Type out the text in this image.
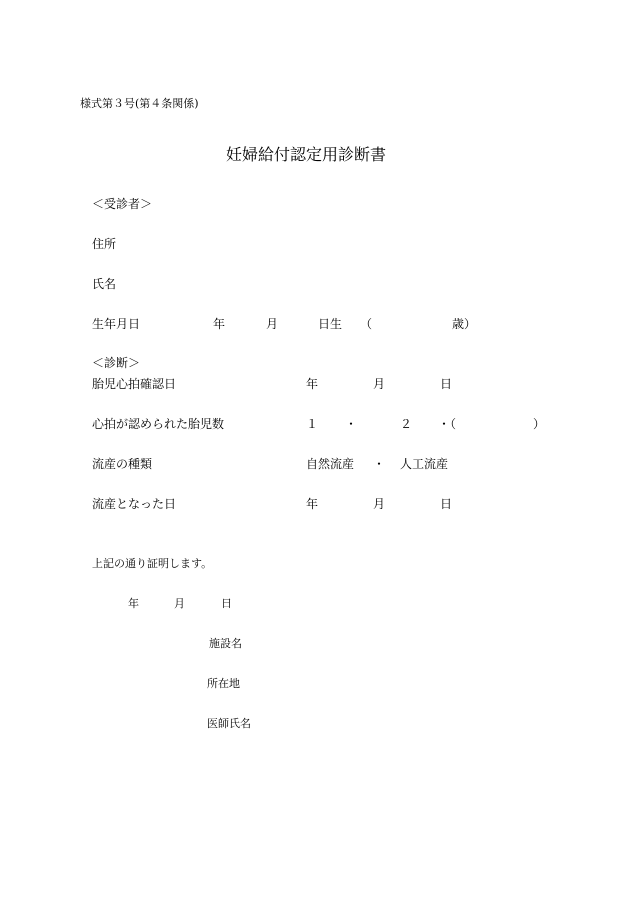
様式第３号(第４条関係)
妊婦給付認定用診断書
＜受診者＞
住所
氏名
生年月日	年	月	日生 （	歳）
＜診断＞
胎児心拍確認日	年	月	日
心拍が認められた胎児数	１ ・	２ ・（	）
流産の種類	自然流産 ・ 人工流産
流産となった日	年	月	日
上記の通り証明します。
年	月	日
施設名
所在地
医師氏名
